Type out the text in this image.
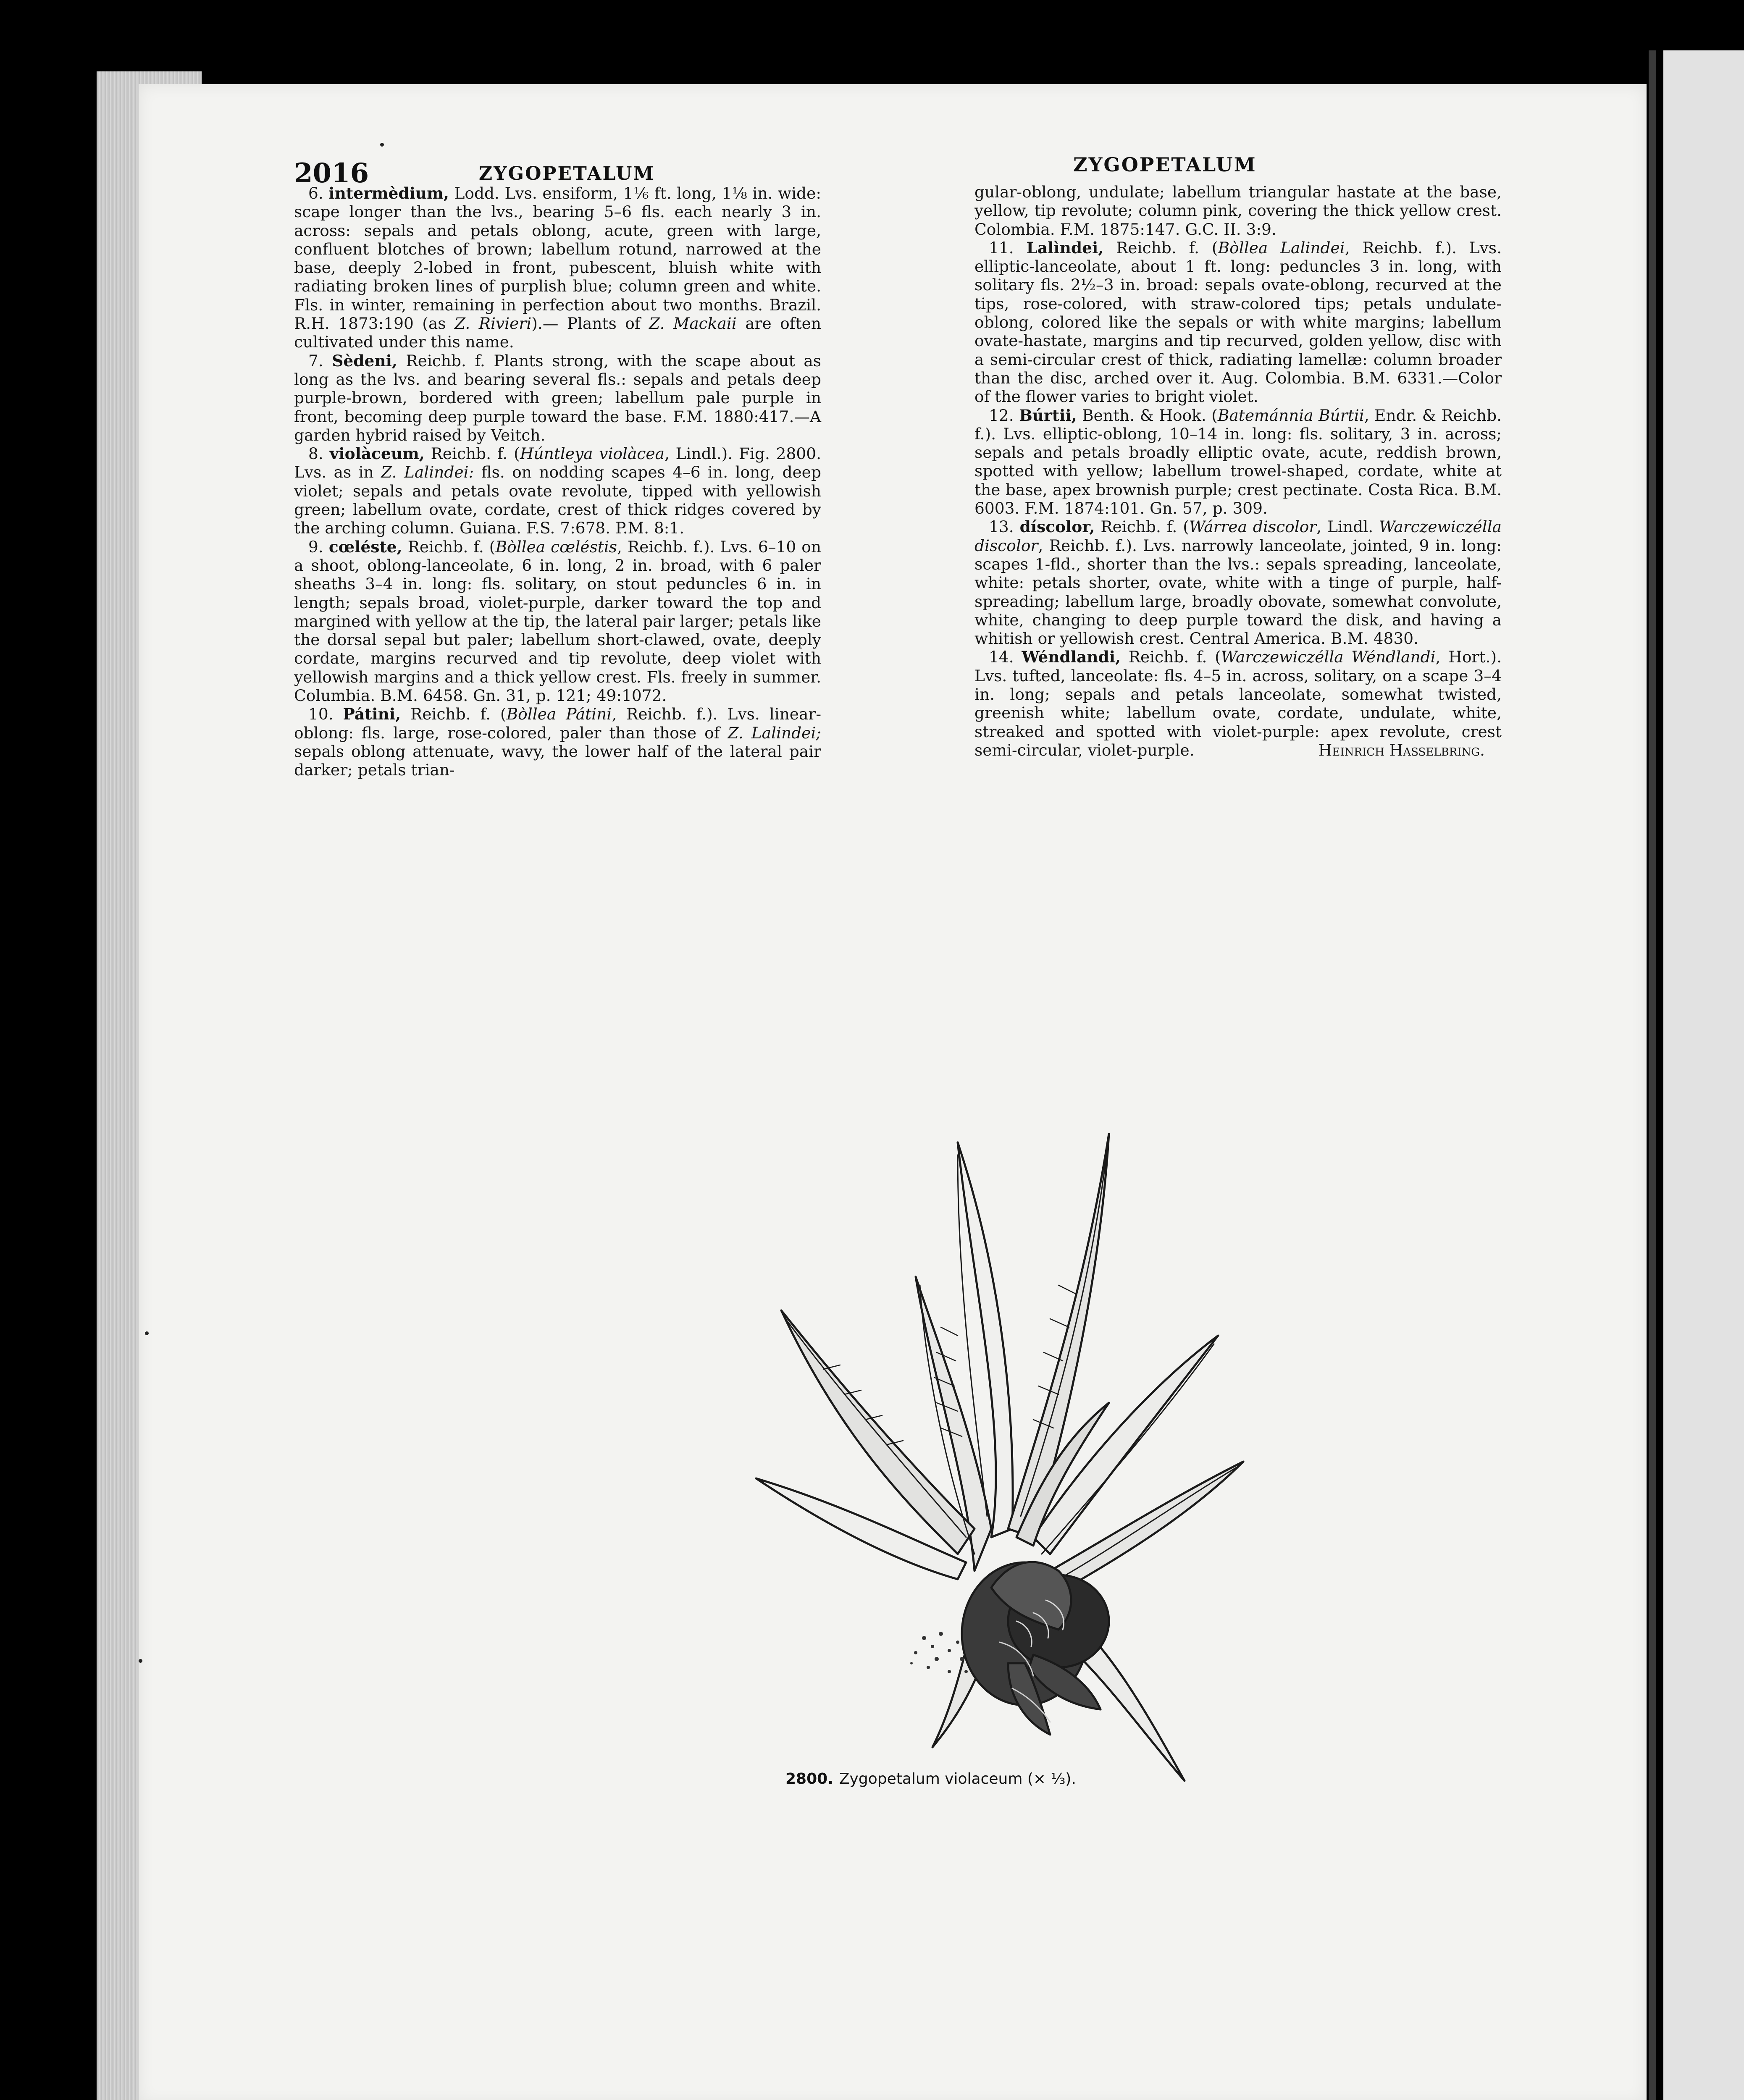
2016	ZYGOPETALUM	ZYGOPETALUM

6. intermèdium, Lodd. Lvs. ensiform, 1⅙ ft. long, 1⅛ in. wide: scape longer than the lvs., bearing 5–6 fls. each nearly 3 in. across: sepals and petals oblong, acute, green with large, confluent blotches of brown; labellum rotund, narrowed at the base, deeply 2-lobed in front, pubescent, bluish white with radiating broken lines of purplish blue; column green and white. Fls. in winter, remaining in perfection about two months. Brazil. R.H. 1873:190 (as Z. Rivieri).— Plants of Z. Mackaii are often cultivated under this name.

7. Sèdeni, Reichb. f. Plants strong, with the scape about as long as the lvs. and bearing several fls.: sepals and petals deep purple-brown, bordered with green; labellum pale purple in front, becoming deep purple toward the base. F.M. 1880:417.—A garden hybrid raised by Veitch.

8. violàceum, Reichb. f. (Húntleya violàcea, Lindl.). Fig. 2800. Lvs. as in Z. Lalindei: fls. on nodding scapes 4–6 in. long, deep violet; sepals and petals ovate revolute, tipped with yellowish green; labellum ovate, cordate, crest of thick ridges covered by the arching column. Guiana. F.S. 7:678. P.M. 8:1.

9. cœléste, Reichb. f. (Bòllea cœléstis, Reichb. f.). Lvs. 6–10 on a shoot, oblong-lanceolate, 6 in. long, 2 in. broad, with 6 paler sheaths 3–4 in. long: fls. solitary, on stout peduncles 6 in. in length; sepals broad, violet-purple, darker toward the top and margined with yellow at the tip, the lateral pair larger; petals like the dorsal sepal but paler; labellum short-clawed, ovate, deeply cordate, margins recurved and tip revolute, deep violet with yellowish margins and a thick yellow crest. Fls. freely in summer. Columbia. B.M. 6458. Gn. 31, p. 121; 49:1072.

10. Pátini, Reichb. f. (Bòllea Pátini, Reichb. f.). Lvs. linear-oblong: fls. large, rose-colored, paler than those of Z. Lalindei; sepals oblong attenuate, wavy, the lower half of the lateral pair darker; petals trian-

gular-oblong, undulate; labellum triangular hastate at the base, yellow, tip revolute; column pink, covering the thick yellow crest. Colombia. F.M. 1875:147. G.C. II. 3:9.

11. Lalìndei, Reichb. f. (Bòllea Lalindei, Reichb. f.). Lvs. elliptic-lanceolate, about 1 ft. long: peduncles 3 in. long, with solitary fls. 2½–3 in. broad: sepals ovate-oblong, recurved at the tips, rose-colored, with straw-colored tips; petals undulate-oblong, colored like the sepals or with white margins; labellum ovate-hastate, margins and tip recurved, golden yellow, disc with a semi-circular crest of thick, radiating lamellæ: column broader than the disc, arched over it. Aug. Colombia. B.M. 6331.—Color of the flower varies to bright violet.

12. Búrtii, Benth. & Hook. (Batemánnia Búrtii, Endr. & Reichb. f.). Lvs. elliptic-oblong, 10–14 in. long: fls. solitary, 3 in. across; sepals and petals broadly elliptic ovate, acute, reddish brown, spotted with yellow; labellum trowel-shaped, cordate, white at the base, apex brownish purple; crest pectinate. Costa Rica. B.M. 6003. F.M. 1874:101. Gn. 57, p. 309.

13. díscolor, Reichb. f. (Wárrea discolor, Lindl. Warczewiczélla discolor, Reichb. f.). Lvs. narrowly lanceolate, jointed, 9 in. long: scapes 1-fld., shorter than the lvs.: sepals spreading, lanceolate, white: petals shorter, ovate, white with a tinge of purple, half-spreading; labellum large, broadly obovate, somewhat convolute, white, changing to deep purple toward the disk, and having a whitish or yellowish crest. Central America. B.M. 4830.

14. Wéndlandi, Reichb. f. (Warczewiczélla Wéndlandi, Hort.). Lvs. tufted, lanceolate: fls. 4–5 in. across, solitary, on a scape 3–4 in. long; sepals and petals lanceolate, somewhat twisted, greenish white; labellum ovate, cordate, undulate, white, streaked and spotted with violet-purple: apex revolute, crest semi-circular, violet-purple.	Heinrich Hasselbring.
2800. Zygopetalum violaceum (× ⅓).
